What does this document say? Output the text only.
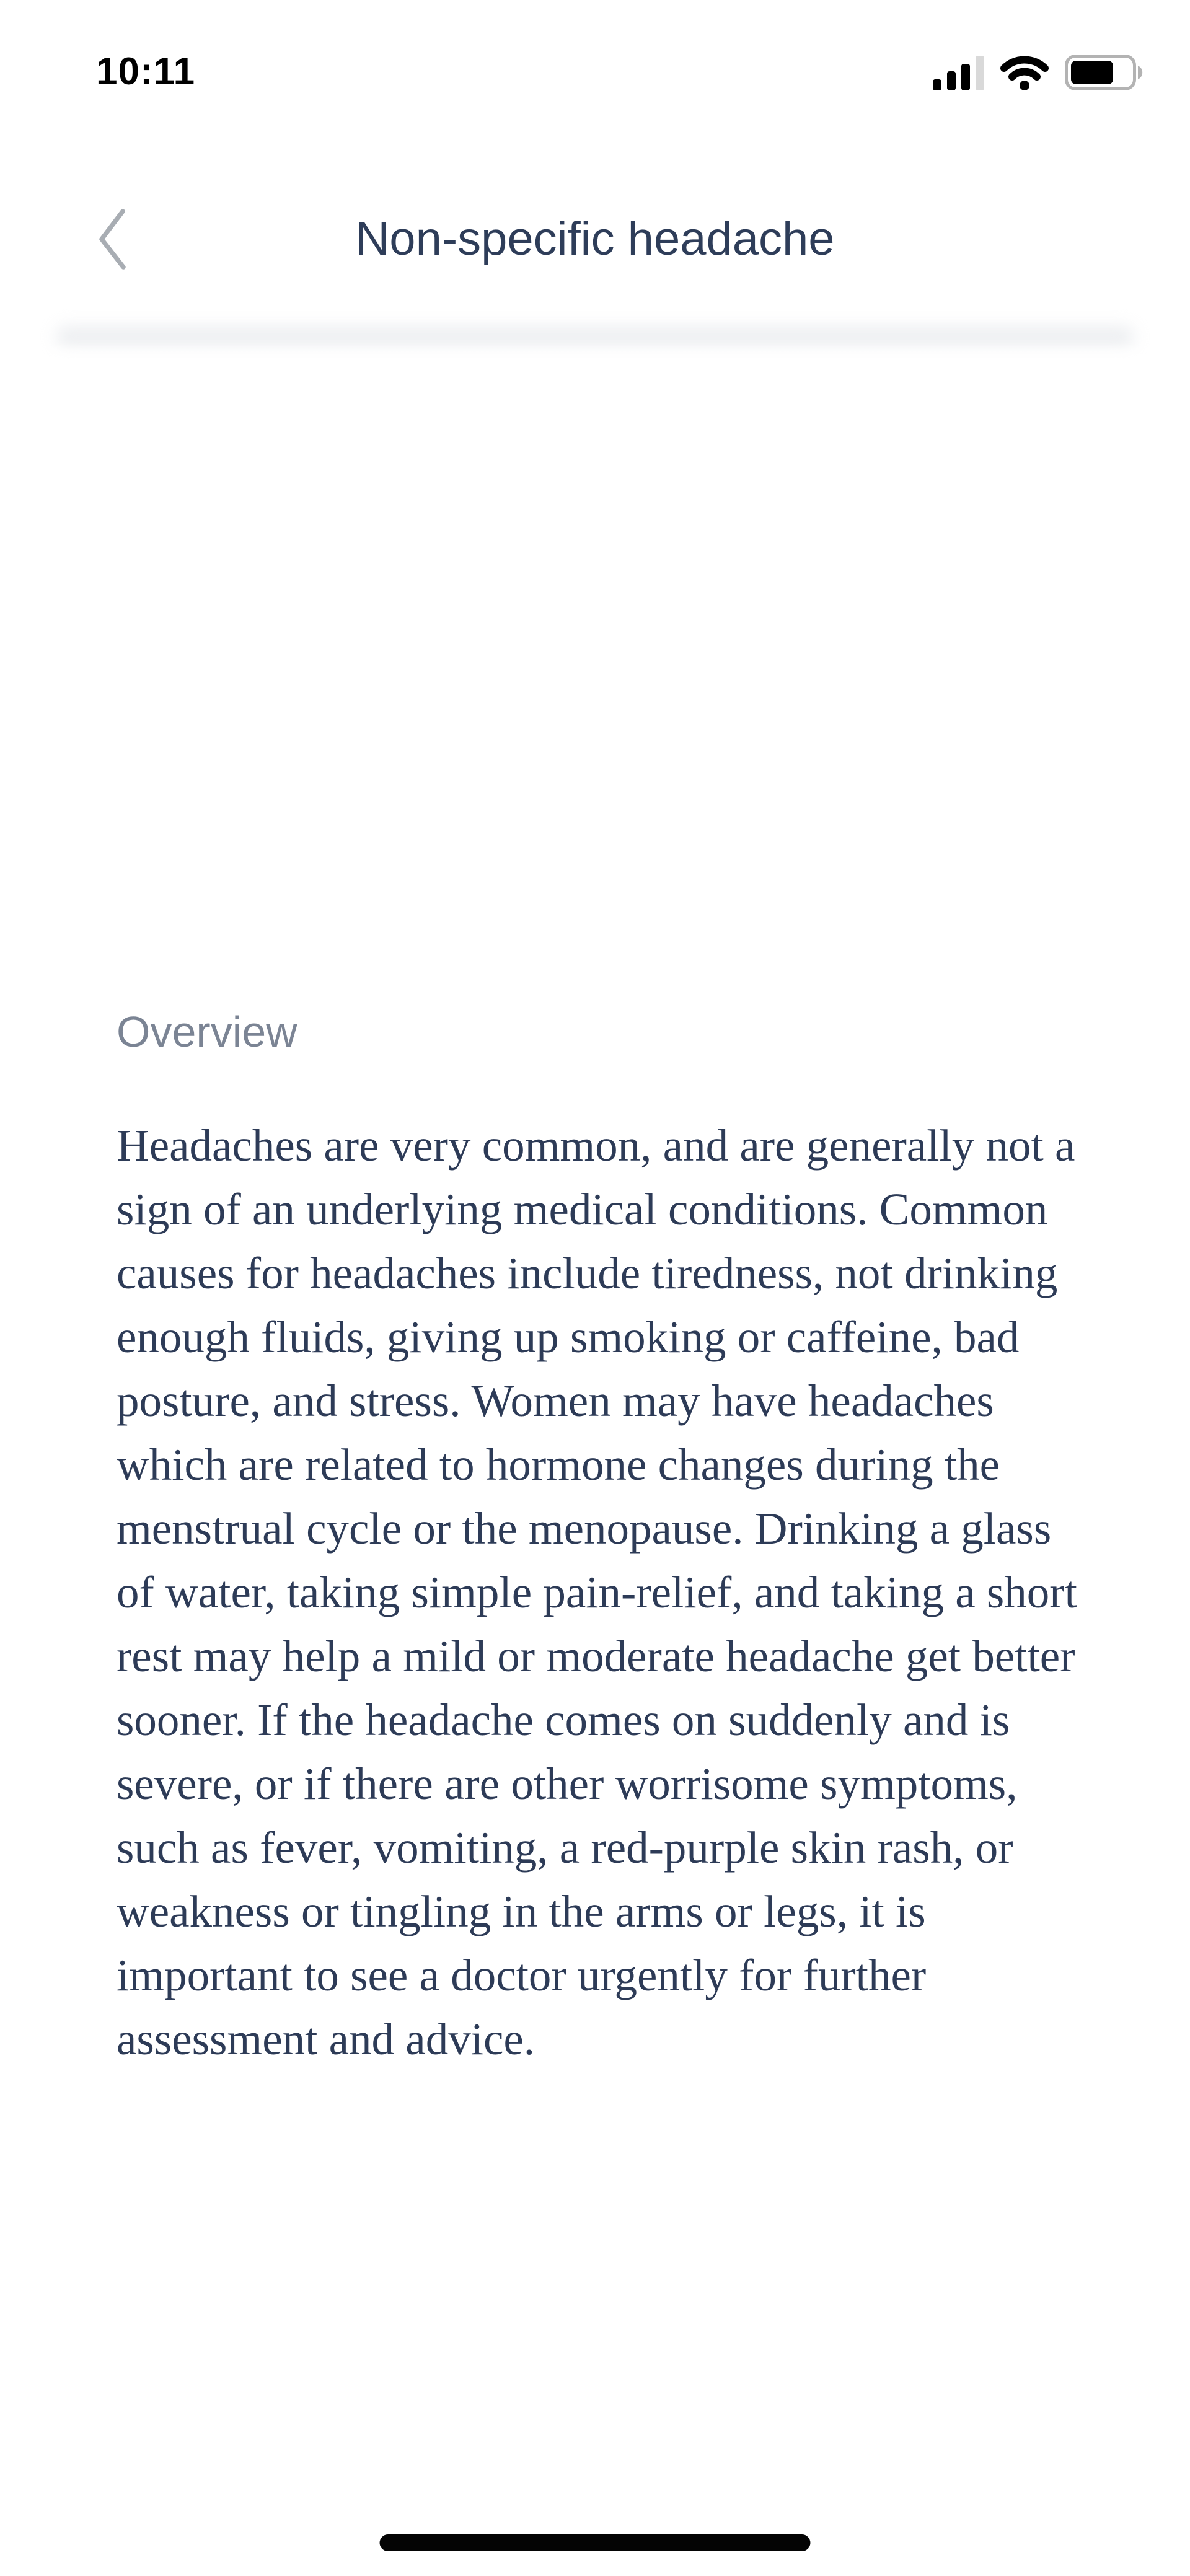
10:11
Non-specific headache
Overview
Headaches are very common, and are generally not a sign of an underlying medical conditions. Common causes for headaches include tiredness, not drinking enough fluids, giving up smoking or caffeine, bad posture, and stress. Women may have headaches which are related to hormone changes during the menstrual cycle or the menopause. Drinking a glass of water, taking simple pain-relief, and taking a short rest may help a mild or moderate headache get better sooner. If the headache comes on suddenly and is severe, or if there are other worrisome symptoms, such as fever, vomiting, a red-purple skin rash, or weakness or tingling in the arms or legs, it is important to see a doctor urgently for further assessment and advice.
